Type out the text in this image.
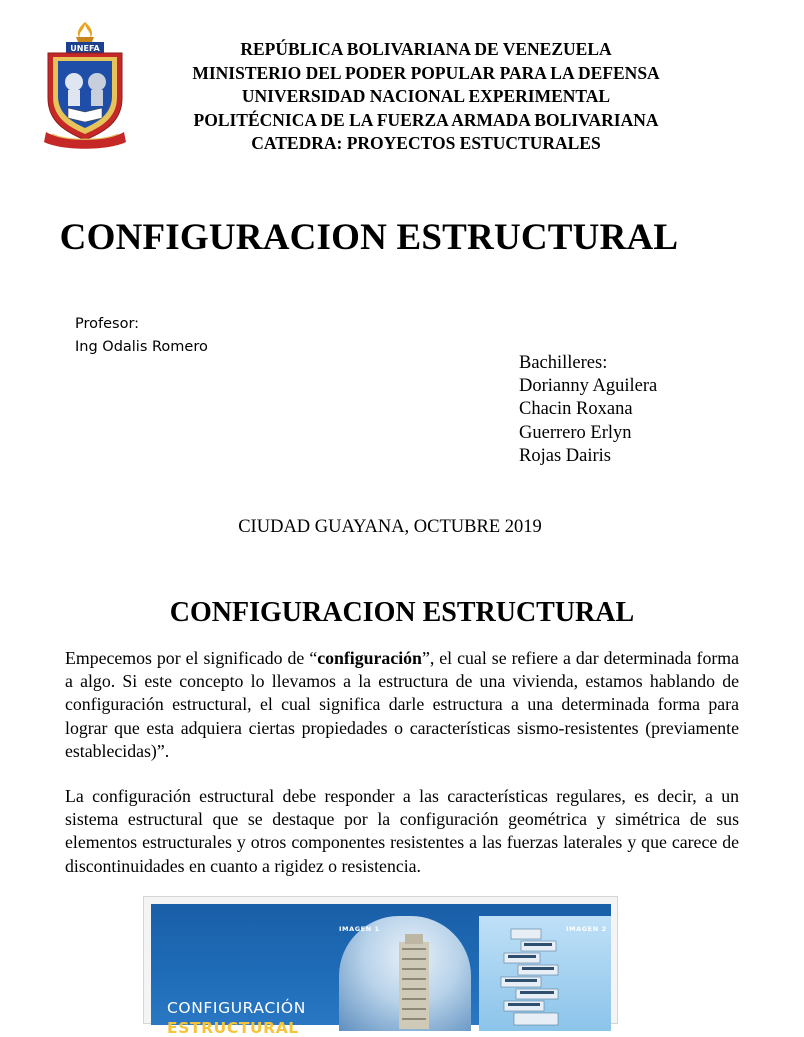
UNEFA	REPÚBLICA BOLIVARIANA DE VENEZUELA
MINISTERIO DEL PODER POPULAR PARA LA DEFENSA
UNIVERSIDAD NACIONAL EXPERIMENTAL
POLITÉCNICA DE LA FUERZA ARMADA BOLIVARIANA
CATEDRA: PROYECTOS ESTUCTURALES
CONFIGURACION ESTRUCTURAL
Profesor:
Ing Odalis Romero
Bachilleres:
Dorianny Aguilera
Chacin Roxana
Guerrero Erlyn
Rojas Dairis
CIUDAD GUAYANA, OCTUBRE 2019
CONFIGURACION ESTRUCTURAL
Empecemos por el significado de “configuración”, el cual se refiere a dar determinada forma a algo. Si este concepto lo llevamos a la estructura de una vivienda, estamos hablando de configuración estructural, el cual significa darle estructura a una determinada forma para lograr que esta adquiera ciertas propiedades o características sismo-resistentes (previamente establecidas)”.
La configuración estructural debe responder a las características regulares, es decir, a un sistema estructural que se destaque por la configuración geométrica y simétrica de sus elementos estructurales y otros componentes resistentes a las fuerzas laterales y que carece de discontinuidades en cuanto a rigidez o resistencia.
IMAGEN 1	IMAGEN 2
CONFIGURACIÓN
ESTRUCTURAL
